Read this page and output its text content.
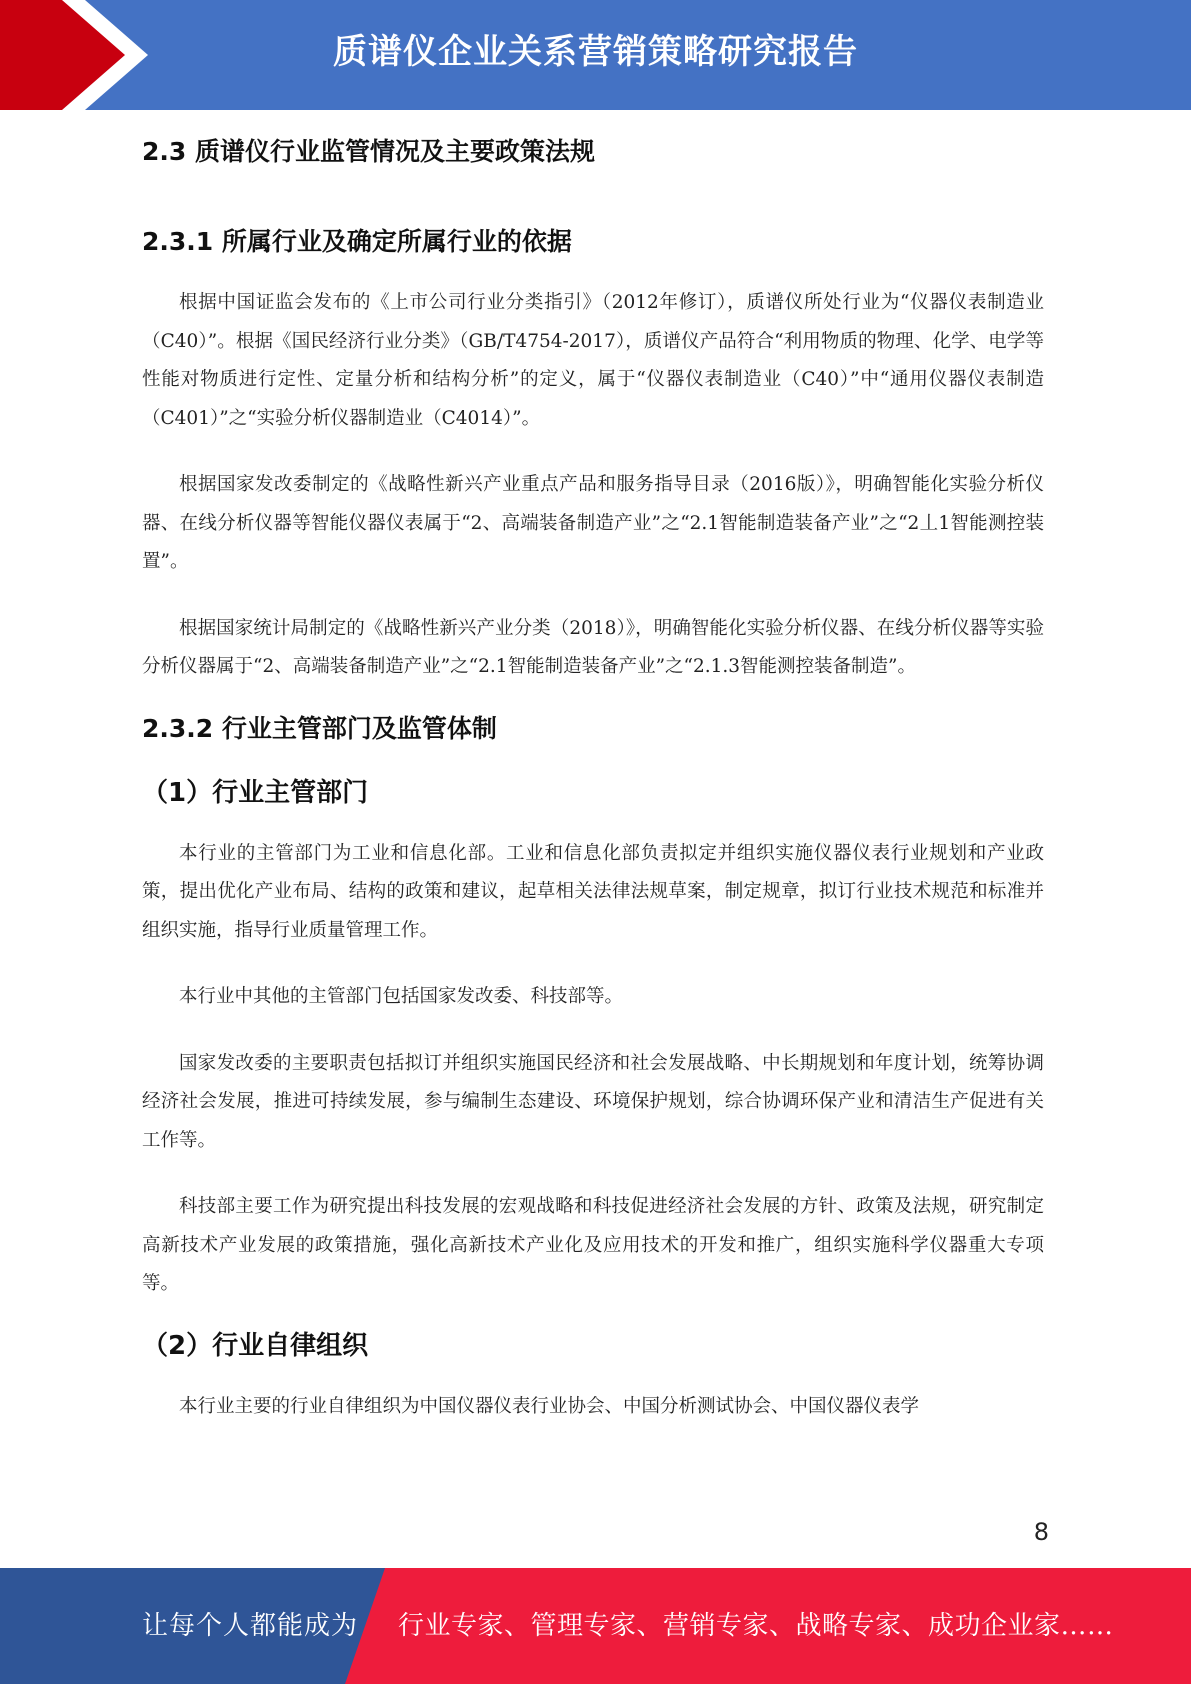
质谱仪企业关系营销策略研究报告
2.3 质谱仪行业监管情况及主要政策法规
2.3.1 所属行业及确定所属行业的依据

根据中国证监会发布的《上市公司行业分类指引》（2012年修订），质谱仪所处行业为“仪器仪表制造业（C40）”。根据《国民经济行业分类》（GB/T4754-2017），质谱仪产品符合“利用物质的物理、化学、电学等性能对物质进行定性、定量分析和结构分析”的定义，属于“仪器仪表制造业（C40）”中“通用仪器仪表制造（C401）”之“实验分析仪器制造业（C4014）”。

根据国家发改委制定的《战略性新兴产业重点产品和服务指导目录（2016版）》，明确智能化实验分析仪器、在线分析仪器等智能仪器仪表属于“2、高端装备制造产业”之“2.1智能制造装备产业”之“2丄1智能测控装置”。

根据国家统计局制定的《战略性新兴产业分类（2018）》，明确智能化实验分析仪器、在线分析仪器等实验分析仪器属于“2、高端装备制造产业”之“2.1智能制造装备产业”之“2.1.3智能测控装备制造”。

2.3.2 行业主管部门及监管体制
（1）行业主管部门

本行业的主管部门为工业和信息化部。工业和信息化部负责拟定并组织实施仪器仪表行业规划和产业政策，提出优化产业布局、结构的政策和建议，起草相关法律法规草案，制定规章，拟订行业技术规范和标准并组织实施，指导行业质量管理工作。

本行业中其他的主管部门包括国家发改委、科技部等。

国家发改委的主要职责包括拟订并组织实施国民经济和社会发展战略、中长期规划和年度计划，统筹协调经济社会发展，推进可持续发展，参与编制生态建设、环境保护规划，综合协调环保产业和清洁生产促进有关工作等。

科技部主要工作为研究提出科技发展的宏观战略和科技促进经济社会发展的方针、政策及法规，研究制定高新技术产业发展的政策措施，强化高新技术产业化及应用技术的开发和推广，组织实施科学仪器重大专项等。

（2）行业自律组织

本行业主要的行业自律组织为中国仪器仪表行业协会、中国分析测试协会、中国仪器仪表学

8
让每个人都能成为 行业专家、管理专家、营销专家、战略专家、成功企业家……
